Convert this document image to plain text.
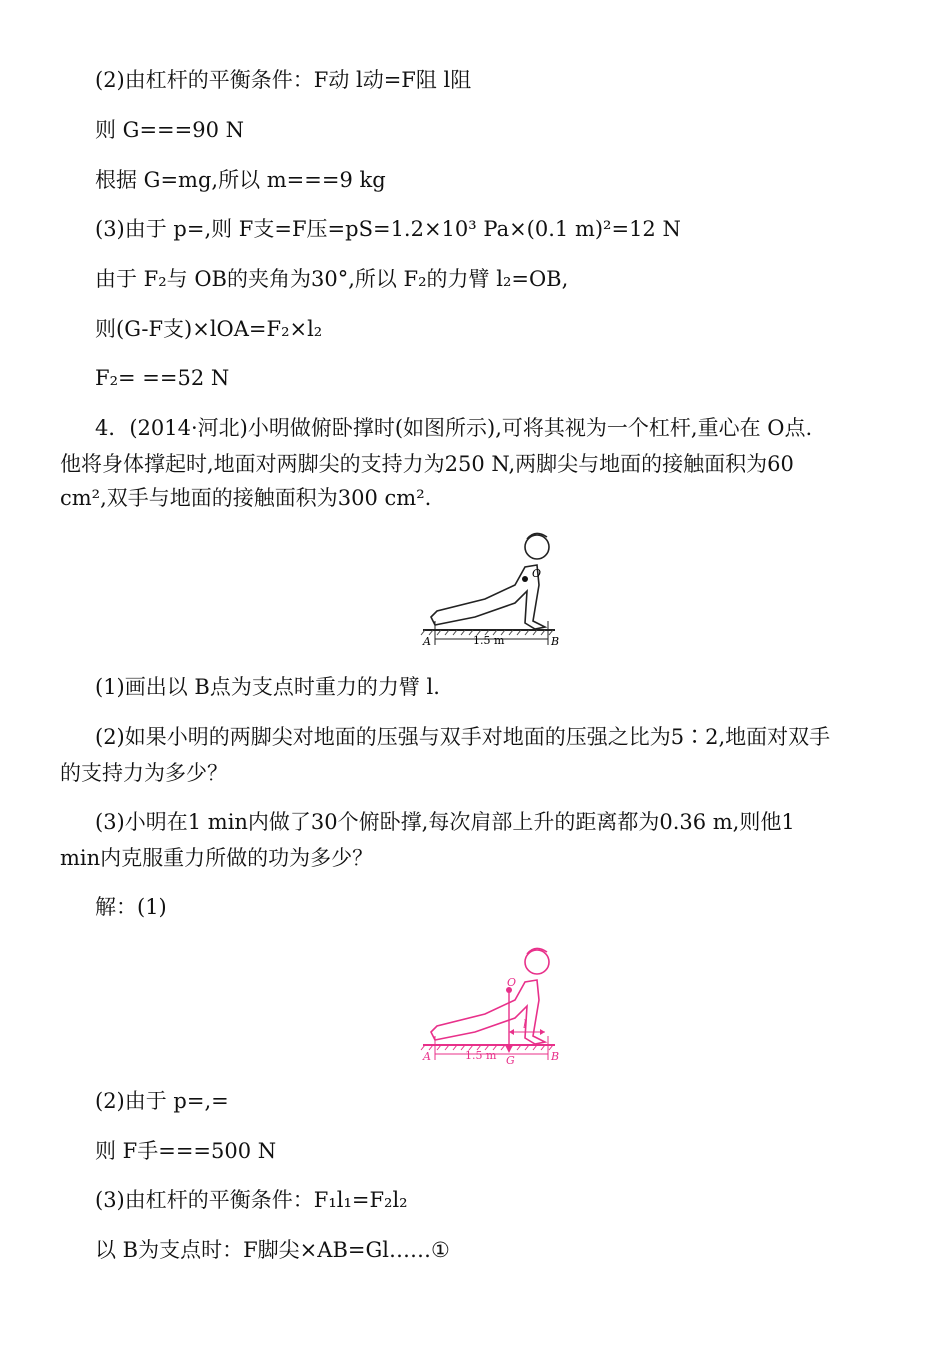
(2)由杠杆的平衡条件：F动 l动=F阻 l阻
则 G===90 N
根据 G=mg,所以 m===9 kg
(3)由于 p=,则 F支=F压=pS=1.2×10³ Pa×(0.1 m)²=12 N
由于 F₂与 OB的夹角为30°,所以 F₂的力臂 l₂=OB,
则(G-F支)×lOA=F₂×l₂
F₂= ==52 N
4．(2014·河北)小明做俯卧撑时(如图所示),可将其视为一个杠杆,重心在 O点.
他将身体撑起时,地面对两脚尖的支持力为250 N,两脚尖与地面的接触面积为60
cm²,双手与地面的接触面积为300 cm².
O
A	B
1.5 m
(1)画出以 B点为支点时重力的力臂 l.
(2)如果小明的两脚尖对地面的压强与双手对地面的压强之比为5∶2,地面对双手
的支持力为多少？
(3)小明在1 min内做了30个俯卧撑,每次肩部上升的距离都为0.36 m,则他1
min内克服重力所做的功为多少？
解：(1)
O
G
l
A	B
1.5 m
(2)由于 p=,=
则 F手===500 N
(3)由杠杆的平衡条件：F₁l₁=F₂l₂
以 B为支点时：F脚尖×AB=Gl……①
